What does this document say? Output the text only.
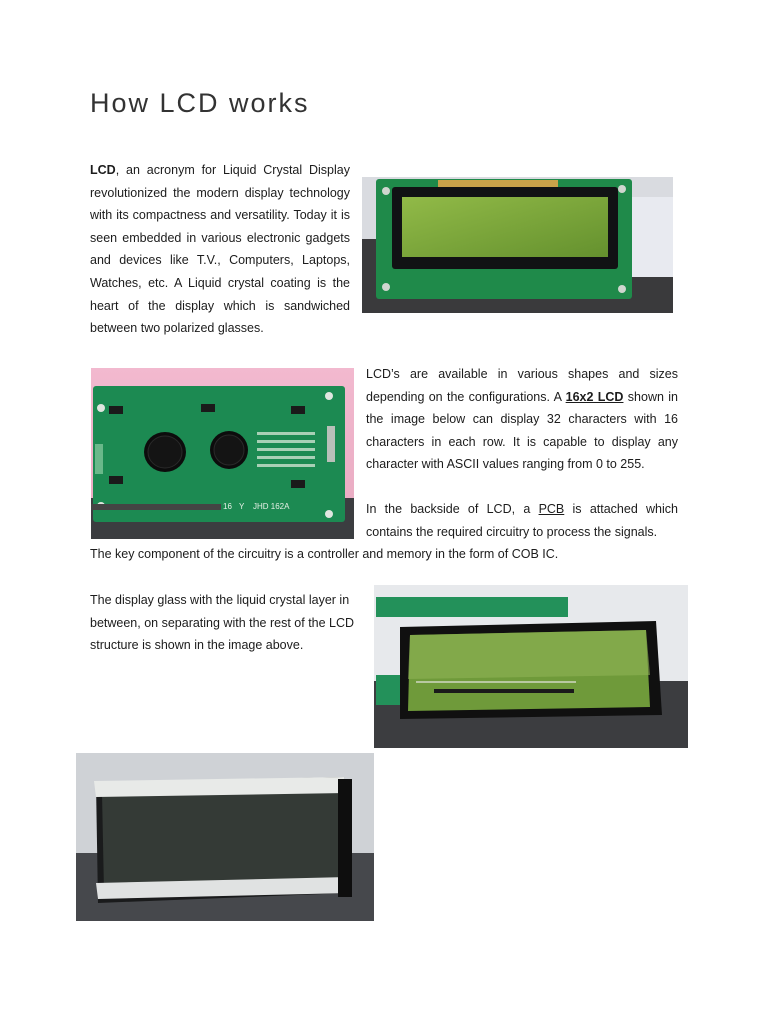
How LCD works

LCD, an acronym for Liquid Crystal Display revolutionized the modern display technology with its compactness and versatility. Today it is seen embedded in various electronic gadgets and devices like T.V., Computers, Laptops, Watches, etc. A Liquid crystal coating is the heart of the display which is sandwiched between two polarized glasses.

16 Y JHD 162A

LCD’s are available in various shapes and sizes depending on the configurations. A 16x2 LCD shown in the image below can display 32 characters with 16 characters in each row. It is capable to display any character with ASCII values ranging from 0 to 255.

In the backside of LCD, a PCB is attached which contains the required circuitry to process the signals.

The key component of the circuitry is a controller and memory in the form of COB IC.

The display glass with the liquid crystal layer in between, on separating with the rest of the LCD structure is shown in the image above.
